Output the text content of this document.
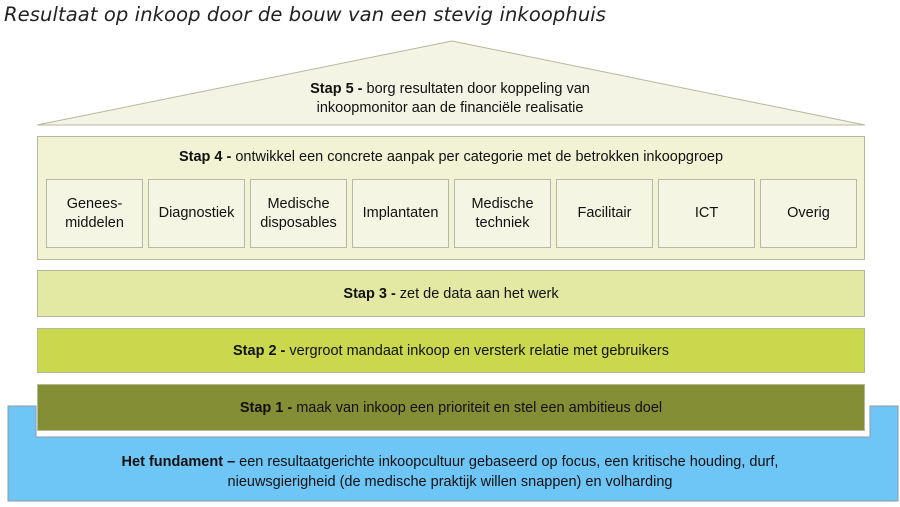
Resultaat op inkoop door de bouw van een stevig inkoophuis
Stap 5 - borg resultaten door koppeling van
inkoopmonitor aan de financiële realisatie
Stap 4 - ontwikkel een concrete aanpak per categorie met de betrokken inkoopgroep
Genees-
middelen
Diagnostiek
Medische
disposables
Implantaten
Medische
techniek
Facilitair	ICT	Overig
Stap 3 - zet de data aan het werk
Stap 2 - vergroot mandaat inkoop en versterk relatie met gebruikers
Stap 1 - maak van inkoop een prioriteit en stel een ambitieus doel
Het fundament – een resultaatgerichte inkoopcultuur gebaseerd op focus, een kritische houding, durf,
nieuwsgierigheid (de medische praktijk willen snappen) en volharding
